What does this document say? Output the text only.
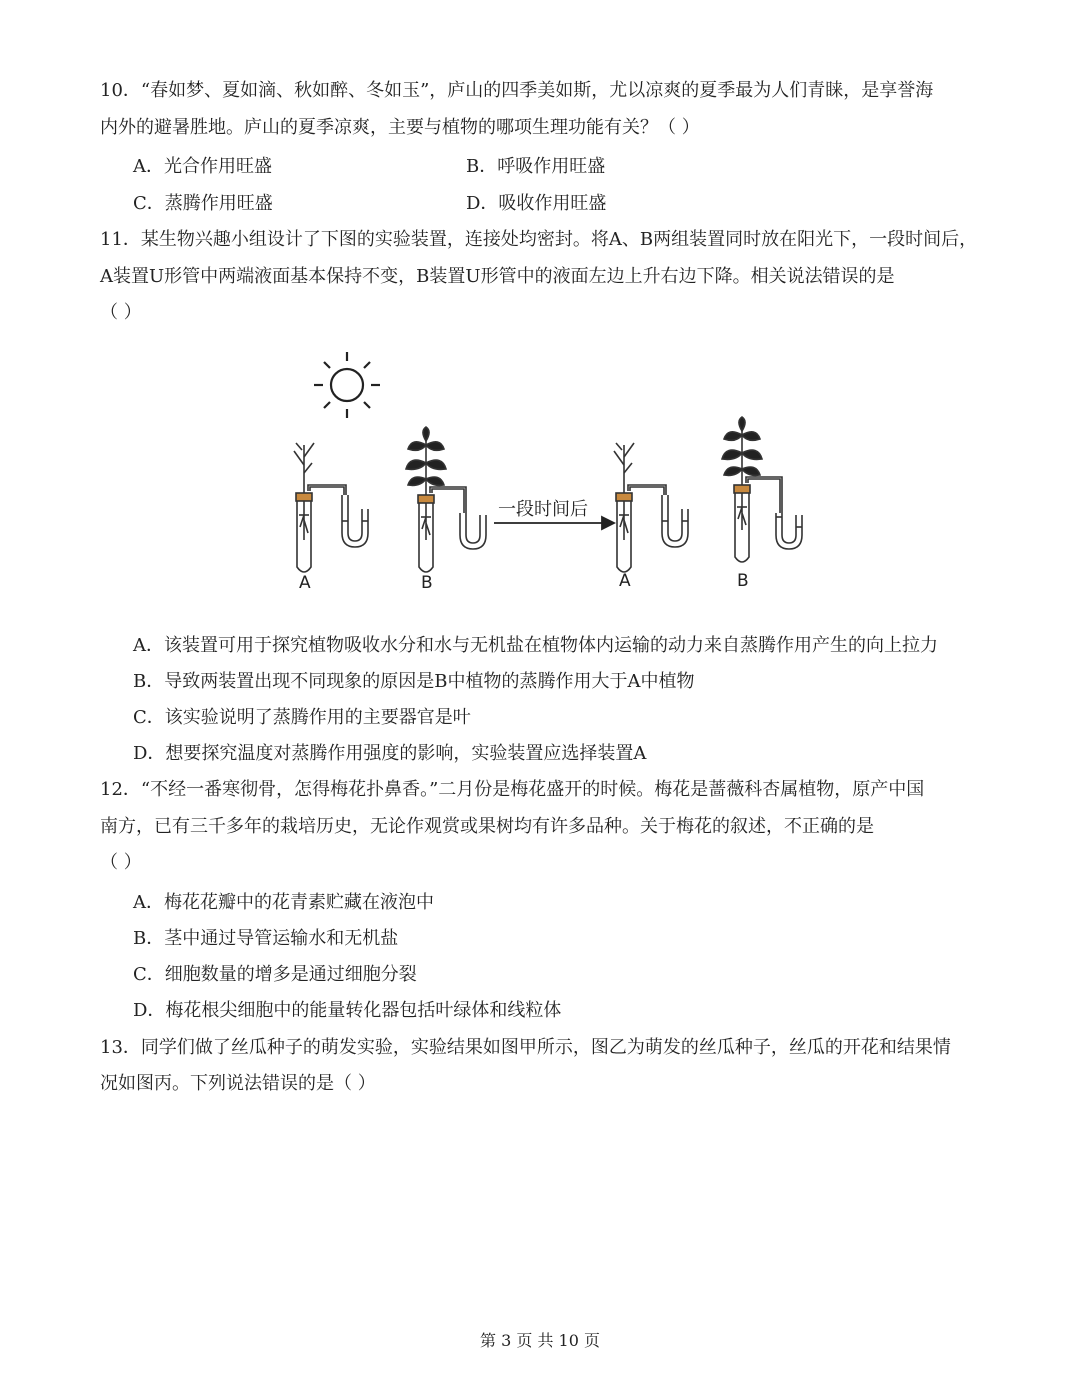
10．“春如梦、夏如滴、秋如醉、冬如玉”，庐山的四季美如斯，尤以凉爽的夏季最为人们青睐，是享誉海
内外的避暑胜地。庐山的夏季凉爽，主要与植物的哪项生理功能有关？（ ）
A．光合作用旺盛	B．呼吸作用旺盛
C．蒸腾作用旺盛	D．吸收作用旺盛
11．某生物兴趣小组设计了下图的实验装置，连接处均密封。将A、B两组装置同时放在阳光下，一段时间后，
A装置U形管中两端液面基本保持不变，B装置U形管中的液面左边上升右边下降。相关说法错误的是
（ ）
一段时间后
A	B	A	B
A．该装置可用于探究植物吸收水分和水与无机盐在植物体内运输的动力来自蒸腾作用产生的向上拉力
B．导致两装置出现不同现象的原因是B中植物的蒸腾作用大于A中植物
C．该实验说明了蒸腾作用的主要器官是叶
D．想要探究温度对蒸腾作用强度的影响，实验装置应选择装置A
12．“不经一番寒彻骨，怎得梅花扑鼻香。”二月份是梅花盛开的时候。梅花是蔷薇科杏属植物，原产中国
南方，已有三千多年的栽培历史，无论作观赏或果树均有许多品种。关于梅花的叙述，不正确的是
（ ）
A．梅花花瓣中的花青素贮藏在液泡中
B．茎中通过导管运输水和无机盐
C．细胞数量的增多是通过细胞分裂
D．梅花根尖细胞中的能量转化器包括叶绿体和线粒体
13．同学们做了丝瓜种子的萌发实验，实验结果如图甲所示，图乙为萌发的丝瓜种子，丝瓜的开花和结果情
况如图丙。下列说法错误的是（ ）
第 3 页 共 10 页
